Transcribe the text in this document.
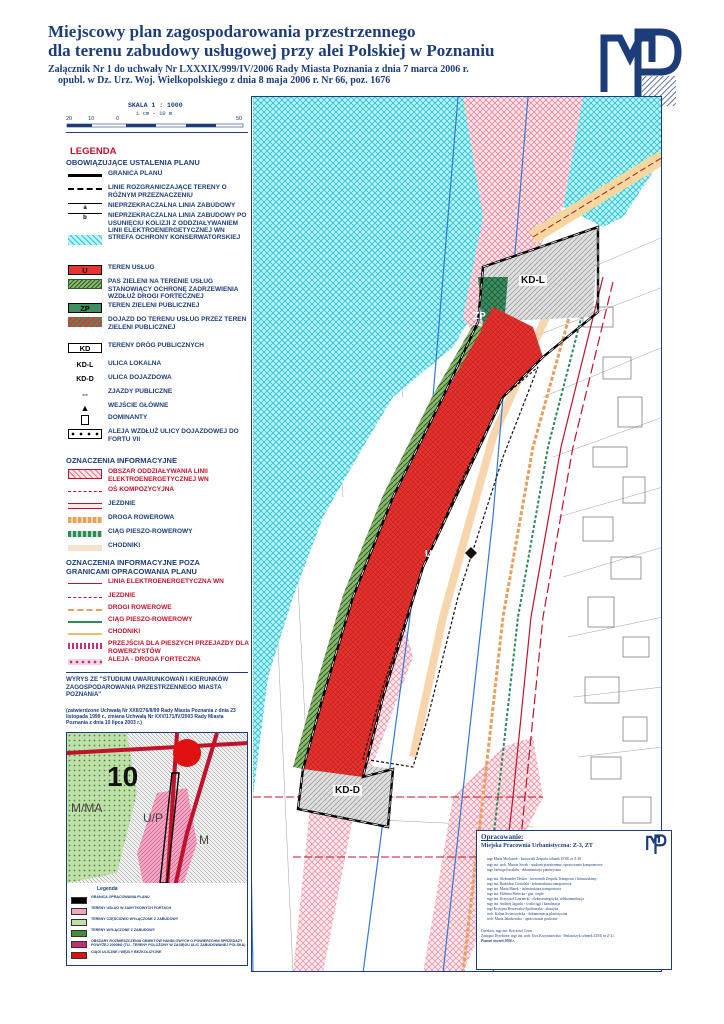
Miejscowy plan zagospodarowania przestrzennego
dla terenu zabudowy usługowej przy alei Polskiej w Poznaniu
Załącznik Nr 1 do uchwały Nr LXXXIX/999/IV/2006 Rady Miasta Poznania z dnia 7 marca 2006 r.
opubl. w Dz. Urz. Woj. Wielkopolskiego z dnia 8 maja 2006 r. Nr 66, poz. 1676
KD-L
ZP
U
KD-D
SKALA 1 : 1000
1 cm – 10 m
20	10	0	50
LEGENDA
OBOWIĄZUJĄCE USTALENIA PLANU
OZNACZENIA INFORMACYJNE
OZNACZENIA INFORMACYJNE POZA GRANICAMI OPRACOWANIA PLANU
WYRYS ZE "STUDIUM UWARUNKOWAŃ I KIERUNKÓW ZAGOSPODAROWANIA PRZESTRZENNEGO MIASTA POZNANIA"
(zatwierdzone Uchwałą Nr XXII/276/II/99 Rady Miasta Poznania z dnia 23 listopada 1999 r., zmiana Uchwałą Nr XXV/171/IV/2003 Rady Miasta Poznania z dnia 10 lipca 2003 r.)
10
M/MA
U/P
M
Legenda
GRANICA OPRACOWANIA PLANU
TERENY USŁUG W ZABYTKOWYCH FORTACH
TERENY CZĘŚCIOWO WYŁĄCZONE Z ZABUDOWY
TERENY WYŁĄCZONE Z ZABUDOWY
OBSZARY ROZMIESZCZENIA OBIEKTÓW HANDLOWYCH O POWIERZCHNI SPRZEDAŻY POWYŻEJ 2000M2 (TU - TERENY POLOŻONY W ZASIĘGU ULIC ZABUDOWANEJ POLSKA)
CIĄGI ULICZNE I WĘZŁY BEZKOLIZYJNE
GRANICA PLANU
LINIE ROZGRANICZAJĄCE TERENY O RÓŻNYM PRZEZNACZENIU
a	NIEPRZEKRACZALNA LINIA ZABUDOWY
b	NIEPRZEKRACZALNA LINIA ZABUDOWY PO USUNIĘCIU KOLIZJI Z ODDZIAŁYWANIEM LINII ELEKTROENERGETYCZNEJ WN
STREFA OCHRONY KONSERWATORSKIEJ
U	TEREN USŁUG
PAS ZIELENI NA TERENIE USŁUG STANOWIĄCY OCHRONĘ ZADRZEWIENIA WZDŁUŻ DROGI FORTECZNEJ
ZP	TEREN ZIELENI PUBLICZNEJ
DOJAZD DO TERENU USŁUG PRZEZ TEREN ZIELENI PUBLICZNEJ
KD	TERENY DRÓG PUBLICZNYCH
KD-L	ULICA LOKALNA
KD-D	ULICA DOJAZDOWA
⇔	ZJAZDY PUBLICZNE
▲	WEJŚCIE GŁÓWNE
DOMINANTY
ALEJA WZDŁUŻ ULICY DOJAZDOWEJ DO FORTU VII
OBSZAR ODDZIAŁYWANIA LINII ELEKTROENERGETYCZNEJ WN
OŚ KOMPOZYCYJNA
JEZDNIE
DROGA ROWEROWA
CIĄG PIESZO-ROWEROWY
CHODNIKI
LINIA ELEKTROENERGETYCZNA WN
JEZDNIE
DROGI ROWEROWE
CIĄG PIESZO-ROWEROWY
CHODNIKI
PRZEJŚCIA DLA PIESZYCH PRZEJAZDY DLA ROWERZYSTÓW
ALEJA - DROGA FORTECZNA
Opracowanie:
Miejska Pracownia Urbanistyczna: Z-3, ZT
mgr Maria Mielcarek - kierownik Zespołu członek ZOIU nr Z-20
mgr inż. arch. Marcin Siwek - studium przestrzenne, opracowanie komputerowe
mgr Jadwiga Łuszkiła - dokumentacja planistyczna
mgr inż. Aleksander Deskor - kierownik Zespołu Transportu i Infrastruktury
mgr inż. Radosław Ciesielski - infrastruktura transportowa
mgr inż. Maria Marek - infrastruktura transportowa
mgr inż. Elżbieta Bielecka - gaz, ciepło
mgr inż. Krzysztof Czarnecki - elektroenergetyka, telekomunikacja
mgr inż. Andrzej Jagucki - wodociągi i kanalizacja
mgr Krystyna Borzewska-Apolinarska - akustyka
tech. Kalina Świerczyńska - dokumentacja planistyczna
tech. Maria Jakubowska - opracowanie graficzne
Dyrektor: mgr inż. Krzysztof Cesar
Zastępca Dyrektora: mgr inż. arch. Ewa Krzyżanowska - Walaszczyk członek ZOIU nr Z-21
Poznań styczeń 2006 r.
